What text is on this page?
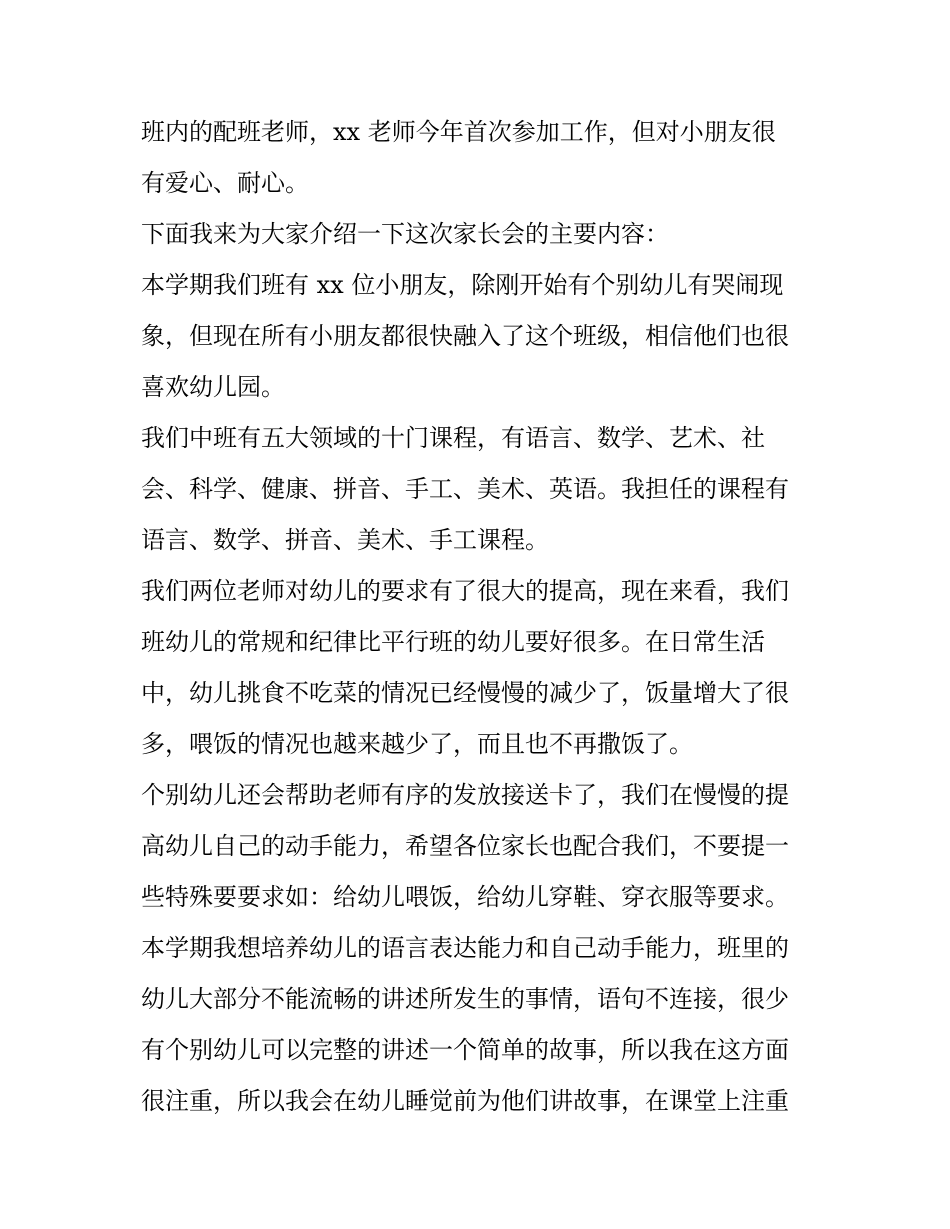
班内的配班老师，xx 老师今年首次参加工作，但对小朋友很
有爱心、耐心。
下面我来为大家介绍一下这次家长会的主要内容：
本学期我们班有 xx 位小朋友，除刚开始有个别幼儿有哭闹现
象，但现在所有小朋友都很快融入了这个班级，相信他们也很
喜欢幼儿园。
我们中班有五大领域的十门课程，有语言、数学、艺术、社
会、科学、健康、拼音、手工、美术、英语。我担任的课程有
语言、数学、拼音、美术、手工课程。
我们两位老师对幼儿的要求有了很大的提高，现在来看，我们
班幼儿的常规和纪律比平行班的幼儿要好很多。在日常生活
中，幼儿挑食不吃菜的情况已经慢慢的减少了，饭量增大了很
多，喂饭的情况也越来越少了，而且也不再撒饭了。
个别幼儿还会帮助老师有序的发放接送卡了，我们在慢慢的提
高幼儿自己的动手能力，希望各位家长也配合我们，不要提一
些特殊要要求如：给幼儿喂饭，给幼儿穿鞋、穿衣服等要求。
本学期我想培养幼儿的语言表达能力和自己动手能力，班里的
幼儿大部分不能流畅的讲述所发生的事情，语句不连接，很少
有个别幼儿可以完整的讲述一个简单的故事，所以我在这方面
很注重，所以我会在幼儿睡觉前为他们讲故事，在课堂上注重
